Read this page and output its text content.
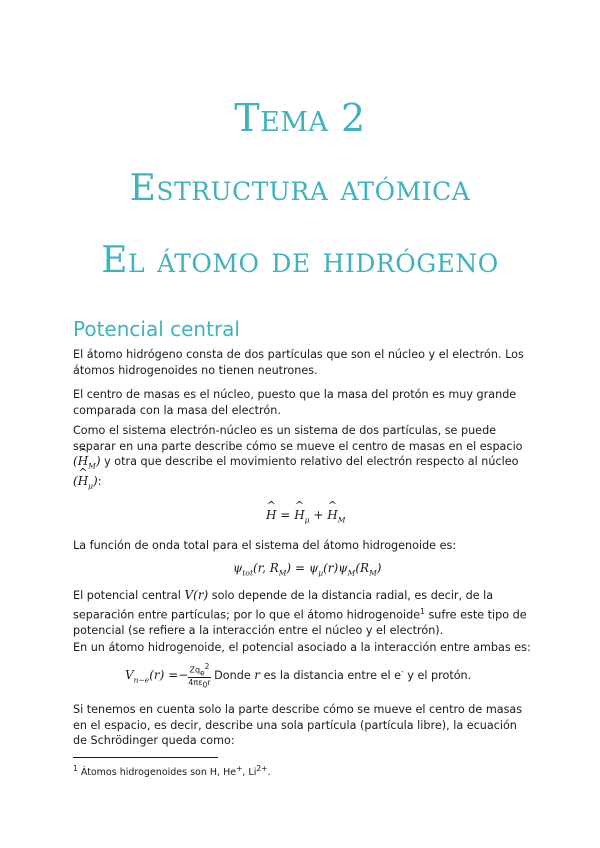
Tema 2
Estructura atómica
El átomo de hidrógeno
Potencial central

El átomo hidrógeno consta de dos partículas que son el núcleo y el electrón. Los átomos hidrogenoides no tienen neutrones.

El centro de masas es el núcleo, puesto que la masa del protón es muy grande comparada con la masa del electrón.

Como el sistema electrón-núcleo es un sistema de dos partículas, se puede separar en una parte describe cómo se mueve el centro de masas en el espacio (^ $H_M$) y otra que describe el movimiento relativo del electrón respecto al núcleo (^ $H_\mu$):

^ H = ^ $H_\mu$ + ^ $H_M$

La función de onda total para el sistema del átomo hidrogenoide es:

$\psi_{tot}(r$, $R_M) = \psi_\mu(r)\psi_M(R_M)$

El potencial central V(r) solo depende de la distancia radial, es decir, de la separación entre partículas; por lo que el átomo hidrogenoide$^1$ sufre este tipo de potencial (se refiere a la interacción entre el núcleo y el electrón).

En un átomo hidrogenoide, el potencial asociado a la interacción entre ambas es:

$V_{n-e}(r) =- \frac{Zq_e^2}{4\pi\varepsilon_0r}$ Donde r es la distancia entre el e- y el protón.

Si tenemos en cuenta solo la parte describe cómo se mueve el centro de masas en el espacio, es decir, describe una sola partícula (partícula libre), la ecuación de Schrödinger queda como:

$^1$ Átomos hidrogenoides son H, He+, $Li^{2+}$.
